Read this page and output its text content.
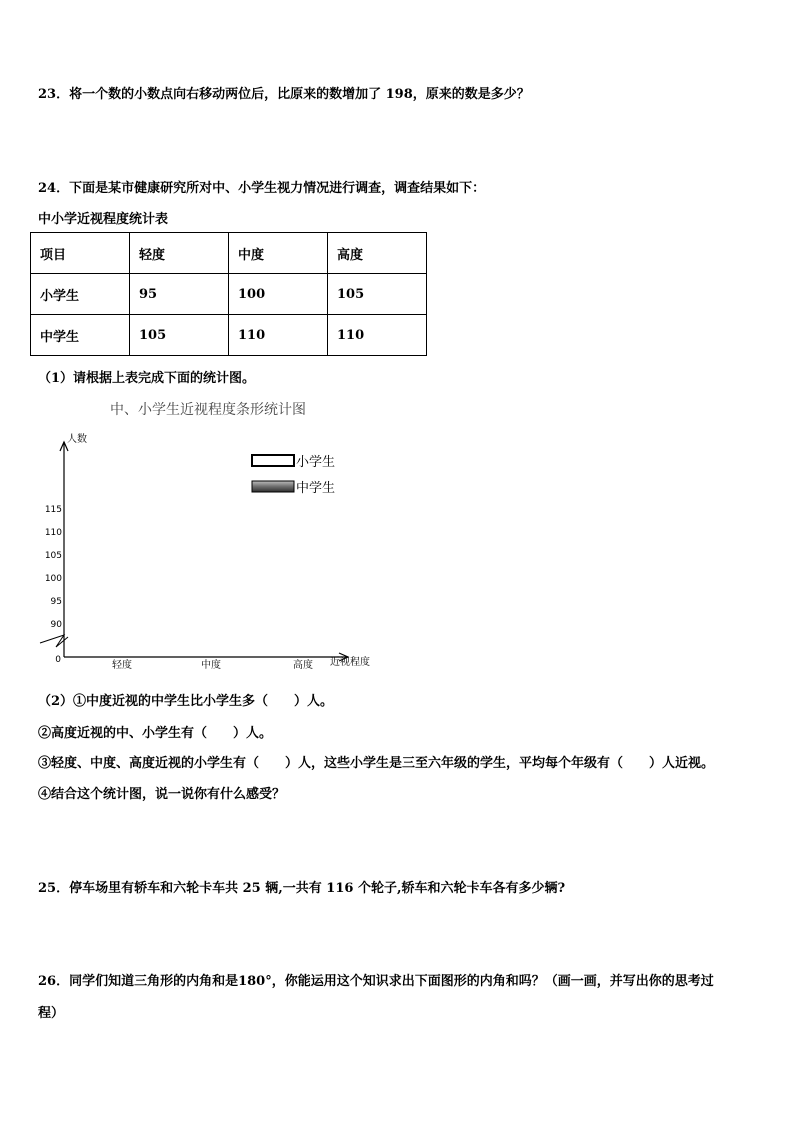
23．将一个数的小数点向右移动两位后，比原来的数增加了 198，原来的数是多少？
24．下面是某市健康研究所对中、小学生视力情况进行调查，调查结果如下：
中小学近视程度统计表
项目	轻度	中度	高度
小学生	95	100	105
中学生	105	110	110
（1）请根据上表完成下面的统计图。
中、小学生近视程度条形统计图
人数
0
90
95
100
105
110
115
轻度	中度	高度
小学生
中学生
近视程度
（2）①中度近视的中学生比小学生多（　　）人。
②高度近视的中、小学生有（　　）人。
③轻度、中度、高度近视的小学生有（　　）人，这些小学生是三至六年级的学生，平均每个年级有（　　）人近视。
④结合这个统计图，说一说你有什么感受？
25．停车场里有轿车和六轮卡车共 25 辆,一共有 116 个轮子,轿车和六轮卡车各有多少辆?
26．同学们知道三角形的内角和是180°，你能运用这个知识求出下面图形的内角和吗？（画一画，并写出你的思考过
程）
